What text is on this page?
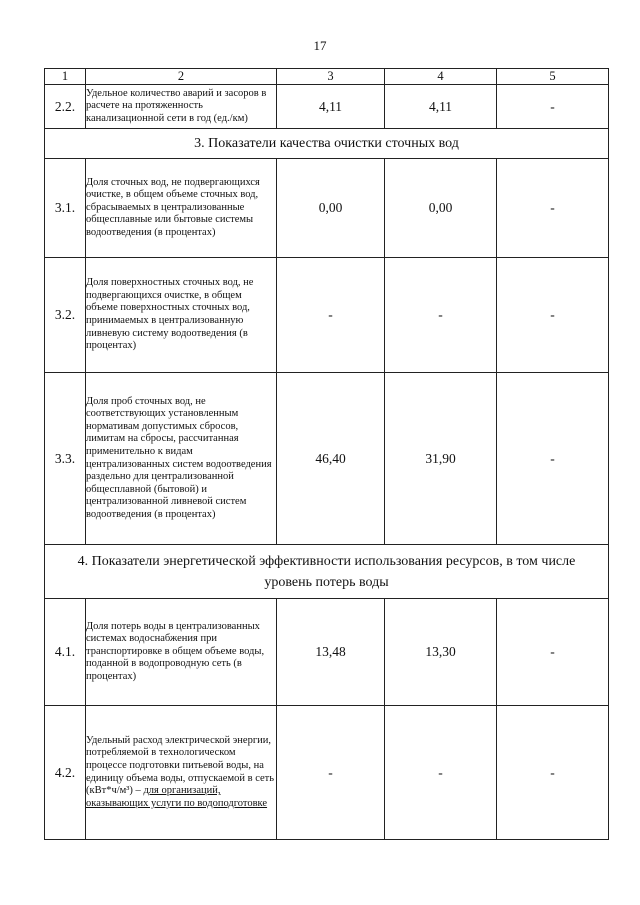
17
1	2	3	4	5
2.2.	Удельное количество аварий и засоров в расчете на протяженность канализационной сети в год (ед./км)	4,11	4,11	-
3. Показатели качества очистки сточных вод				
3.1.	Доля сточных вод, не подвергающихся очистке, в общем объеме сточных вод, сбрасываемых в централизованные общесплавные или бытовые системы водоотведения (в процентах)	0,00	0,00	-
3.2.	Доля поверхностных сточных вод, не подвергающихся очистке, в общем объеме поверхностных сточных вод, принимаемых в централизованную ливневую систему водоотведения (в процентах)	-	-	-
3.3.	Доля проб сточных вод, не соответствующих установленным нормативам допустимых сбросов, лимитам на сбросы, рассчитанная применительно к видам централизованных систем водоотведения раздельно для централизованной общесплавной (бытовой) и централизованной ливневой систем водоотведения (в процентах)	46,40	31,90	-
4. Показатели энергетической эффективности использования ресурсов, в том числе уровень потерь воды				
4.1.	Доля потерь воды в централизованных системах водоснабжения при транспортировке в общем объеме воды, поданной в водопроводную сеть (в процентах)	13,48	13,30	-
4.2.	Удельный расход электрической энергии, потребляемой в технологическом процессе подготовки питьевой воды, на единицу объема воды, отпускаемой в сеть (кВт*ч/м³) – для организаций, оказывающих услуги по водоподготовке	-	-	-
